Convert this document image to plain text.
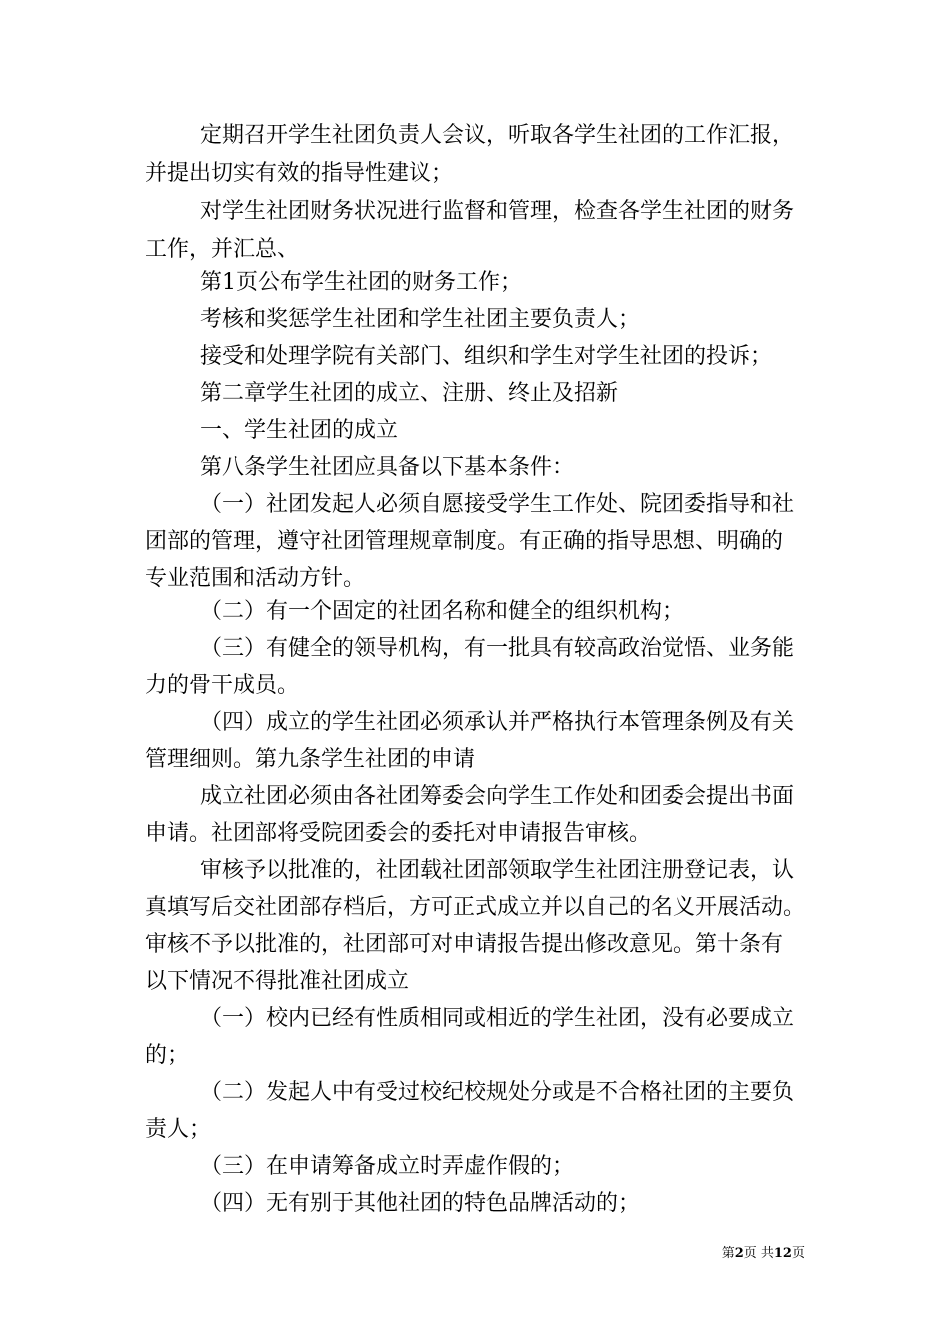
定期召开学生社团负责人会议，听取各学生社团的工作汇报，
并提出切实有效的指导性建议；
对学生社团财务状况进行监督和管理，检查各学生社团的财务
工作，并汇总、
第1页公布学生社团的财务工作；
考核和奖惩学生社团和学生社团主要负责人；
接受和处理学院有关部门、组织和学生对学生社团的投诉；
第二章学生社团的成立、注册、终止及招新
一、学生社团的成立
第八条学生社团应具备以下基本条件：
（一）社团发起人必须自愿接受学生工作处、院团委指导和社
团部的管理，遵守社团管理规章制度。有正确的指导思想、明确的
专业范围和活动方针。
（二）有一个固定的社团名称和健全的组织机构；
（三）有健全的领导机构，有一批具有较高政治觉悟、业务能
力的骨干成员。
（四）成立的学生社团必须承认并严格执行本管理条例及有关
管理细则。第九条学生社团的申请
成立社团必须由各社团筹委会向学生工作处和团委会提出书面
申请。社团部将受院团委会的委托对申请报告审核。
审核予以批准的，社团载社团部领取学生社团注册登记表，认
真填写后交社团部存档后，方可正式成立并以自己的名义开展活动。
审核不予以批准的，社团部可对申请报告提出修改意见。第十条有
以下情况不得批准社团成立
（一）校内已经有性质相同或相近的学生社团，没有必要成立
的；
（二）发起人中有受过校纪校规处分或是不合格社团的主要负
责人；
（三）在申请筹备成立时弄虚作假的；
（四）无有别于其他社团的特色品牌活动的；
第2页 共12页
